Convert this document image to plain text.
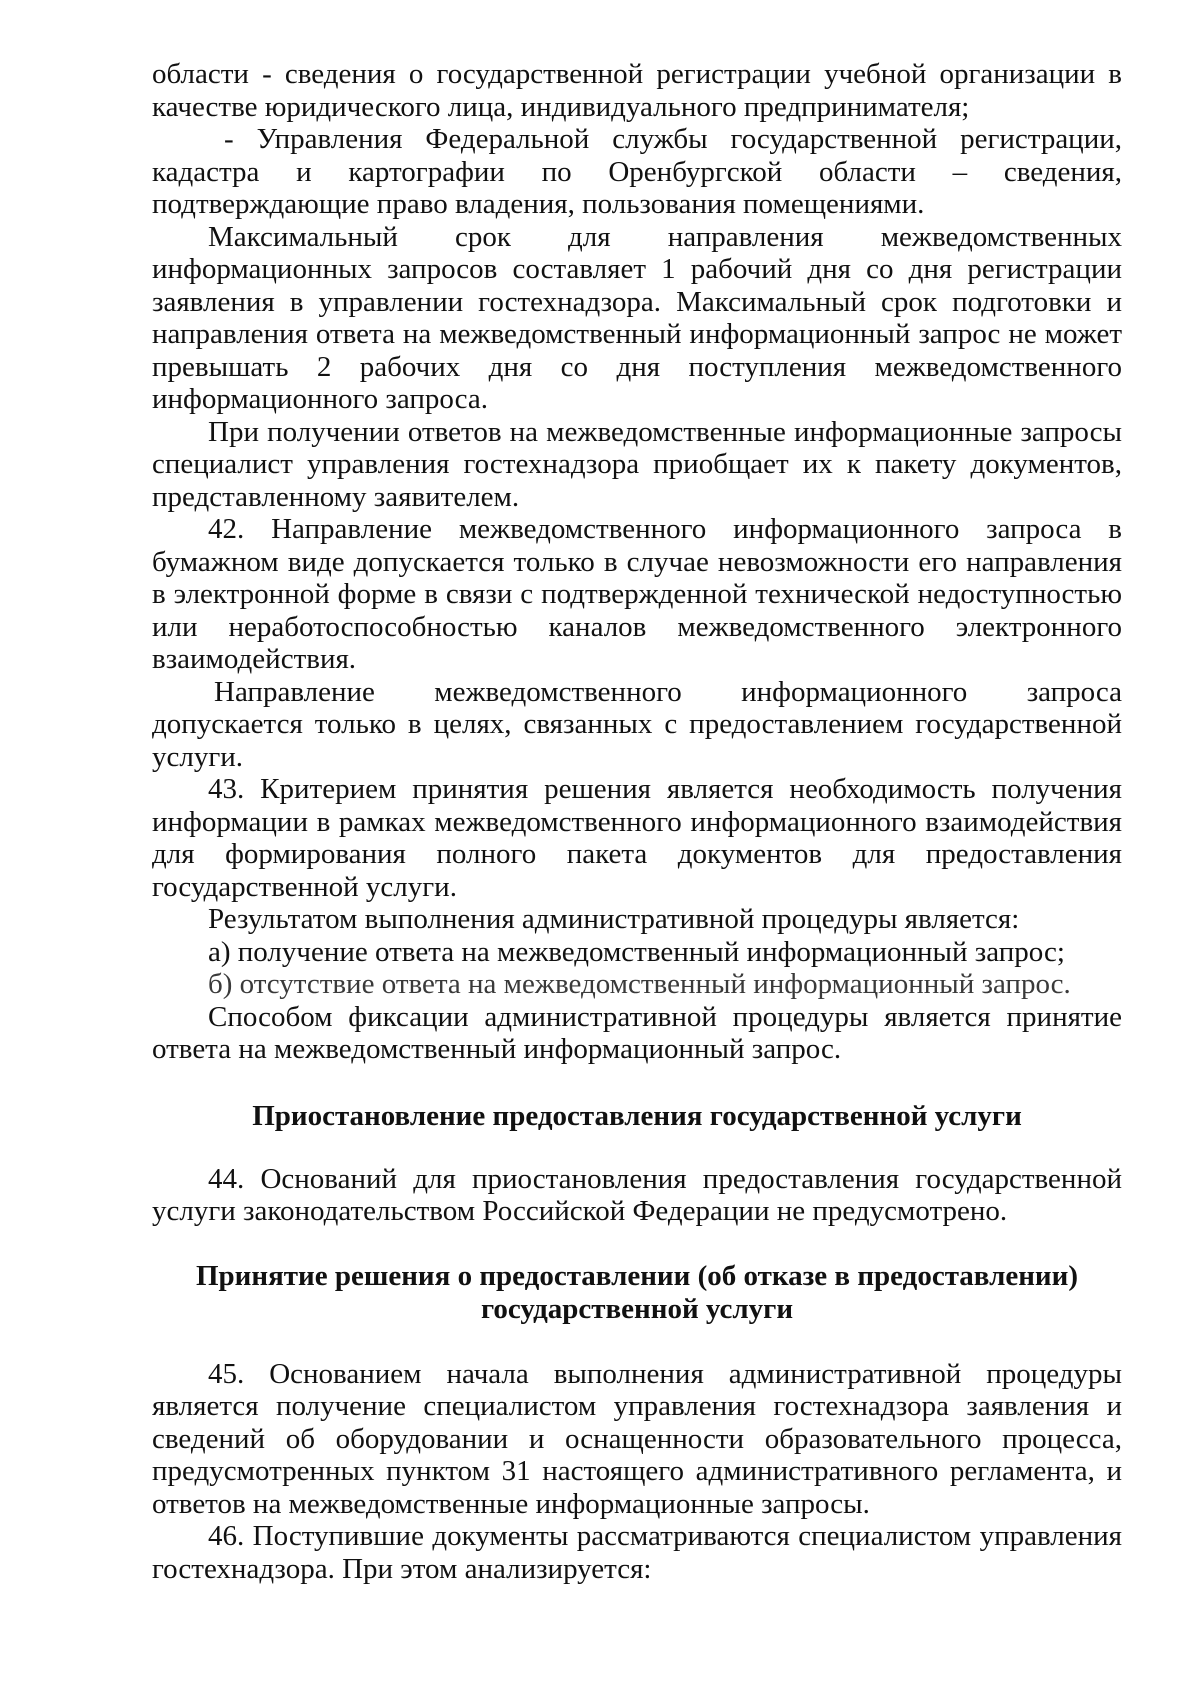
области - сведения о государственной регистрации учебной организации в качестве юридического лица, индивидуального предпринимателя;

- Управления Федеральной службы государственной регистрации, кадастра и картографии по Оренбургской области – сведения, подтверждающие право владения, пользования помещениями.

Максимальный срок для направления межведомственных информационных запросов составляет 1 рабочий дня со дня регистрации заявления в управлении гостехнадзора. Максимальный срок подготовки и направления ответа на межведомственный информационный запрос не может превышать 2 рабочих дня со дня поступления межведомственного информационного запроса.

При получении ответов на межведомственные информационные запросы специалист управления гостехнадзора приобщает их к пакету документов, представленному заявителем.

42. Направление межведомственного информационного запроса в бумажном виде допускается только в случае невозможности его направления в электронной форме в связи с подтвержденной технической недоступностью или неработоспособностью каналов межведомственного электронного взаимодействия.

Направление межведомственного информационного запроса допускается только в целях, связанных с предоставлением государственной услуги.

43. Критерием принятия решения является необходимость получения информации в рамках межведомственного информационного взаимодействия для формирования полного пакета документов для предоставления государственной услуги.

Результатом выполнения административной процедуры является:

а) получение ответа на межведомственный информационный запрос;

б) отсутствие ответа на межведомственный информационный запрос.

Способом фиксации административной процедуры является принятие ответа на межведомственный информационный запрос.

Приостановление предоставления государственной услуги

44. Оснований для приостановления предоставления государственной услуги законодательством Российской Федерации не предусмотрено.

Принятие решения о предоставлении (об отказе в предоставлении)
государственной услуги

45. Основанием начала выполнения административной процедуры является получение специалистом управления гостехнадзора заявления и сведений об оборудовании и оснащенности образовательного процесса, предусмотренных пунктом 31 настоящего административного регламента, и ответов на межведомственные информационные запросы.

46. Поступившие документы рассматриваются специалистом управления гостехнадзора. При этом анализируется:
